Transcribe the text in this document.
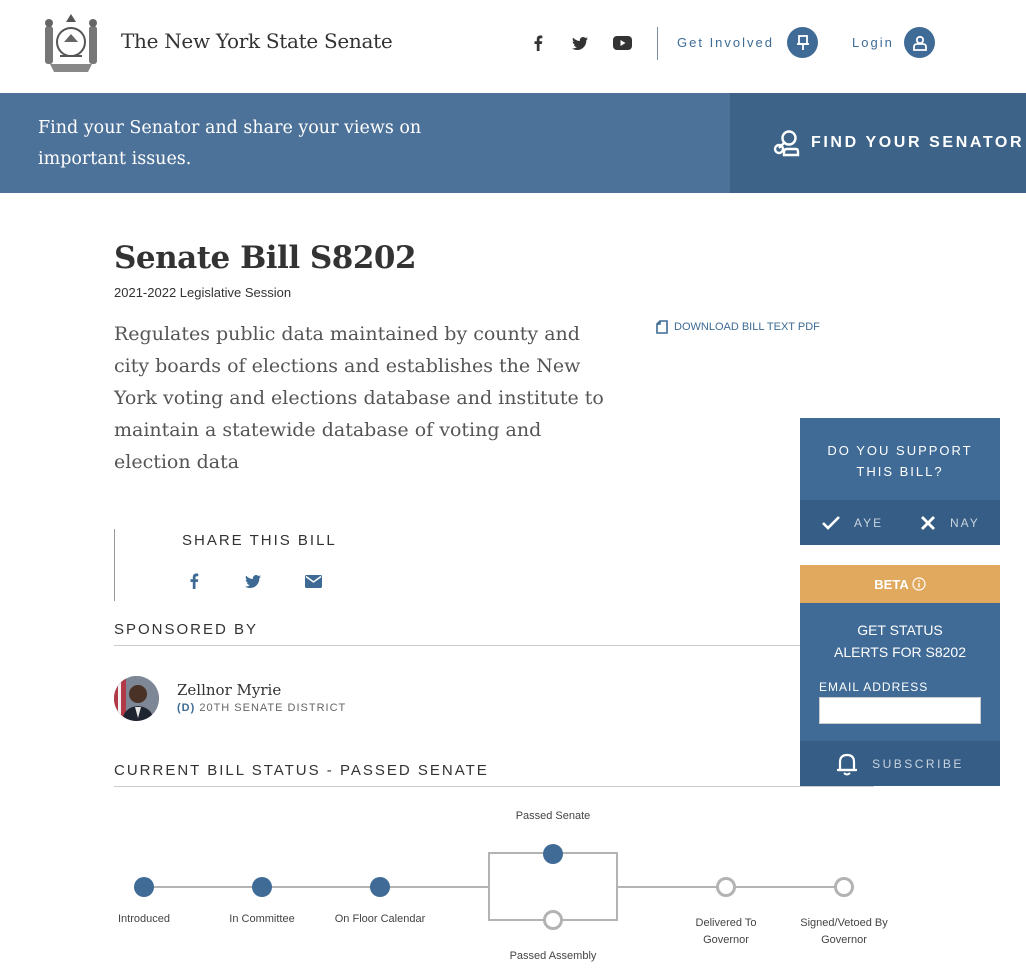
The New York State Senate	Get Involved	Login
Find your Senator and share your views on important issues.
FIND YOUR SENATOR
Senate Bill S8202
2021-2022 Legislative Session

Regulates public data maintained by county and city boards of elections and establishes the New York voting and elections database and institute to maintain a statewide database of voting and election data

DOWNLOAD BILL TEXT PDF
SHARE THIS BILL
SPONSORED BY
Zellnor Myrie
(D) 20TH SENATE DISTRICT
CURRENT BILL STATUS - PASSED SENATE
Introduced	In Committee	On Floor Calendar
Passed Senate
Passed Assembly
Delivered To
Governor
Signed/Vetoed By
Governor
DO YOU SUPPORT
THIS BILL?
AYE	NAY
BETA
GET STATUS
ALERTS FOR S8202
EMAIL ADDRESS
SUBSCRIBE
